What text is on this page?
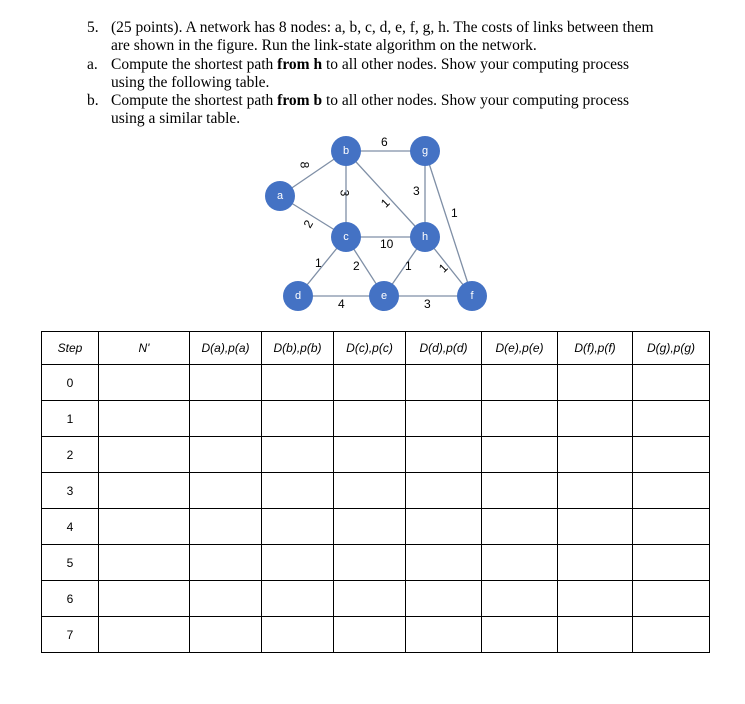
5. (25 points). A network has 8 nodes: a, b, c, d, e, f, g, h. The costs of links between them
are shown in the figure. Run the link-state algorithm on the network.
a. Compute the shortest path from h to all other nodes. Show your computing process
using the following table.
b. Compute the shortest path from b to all other nodes. Show your computing process
using a similar table.
a
b	g
c	h
d	e	f
8
2
3
6
1
3
1
1	2
10
4
1
3
1
Step	N'	D(a),p(a)	D(b),p(b)	D(c),p(c)	D(d),p(d)	D(e),p(e)	D(f),p(f)	D(g),p(g)
0								
1								
2								
3								
4								
5								
6								
7								
